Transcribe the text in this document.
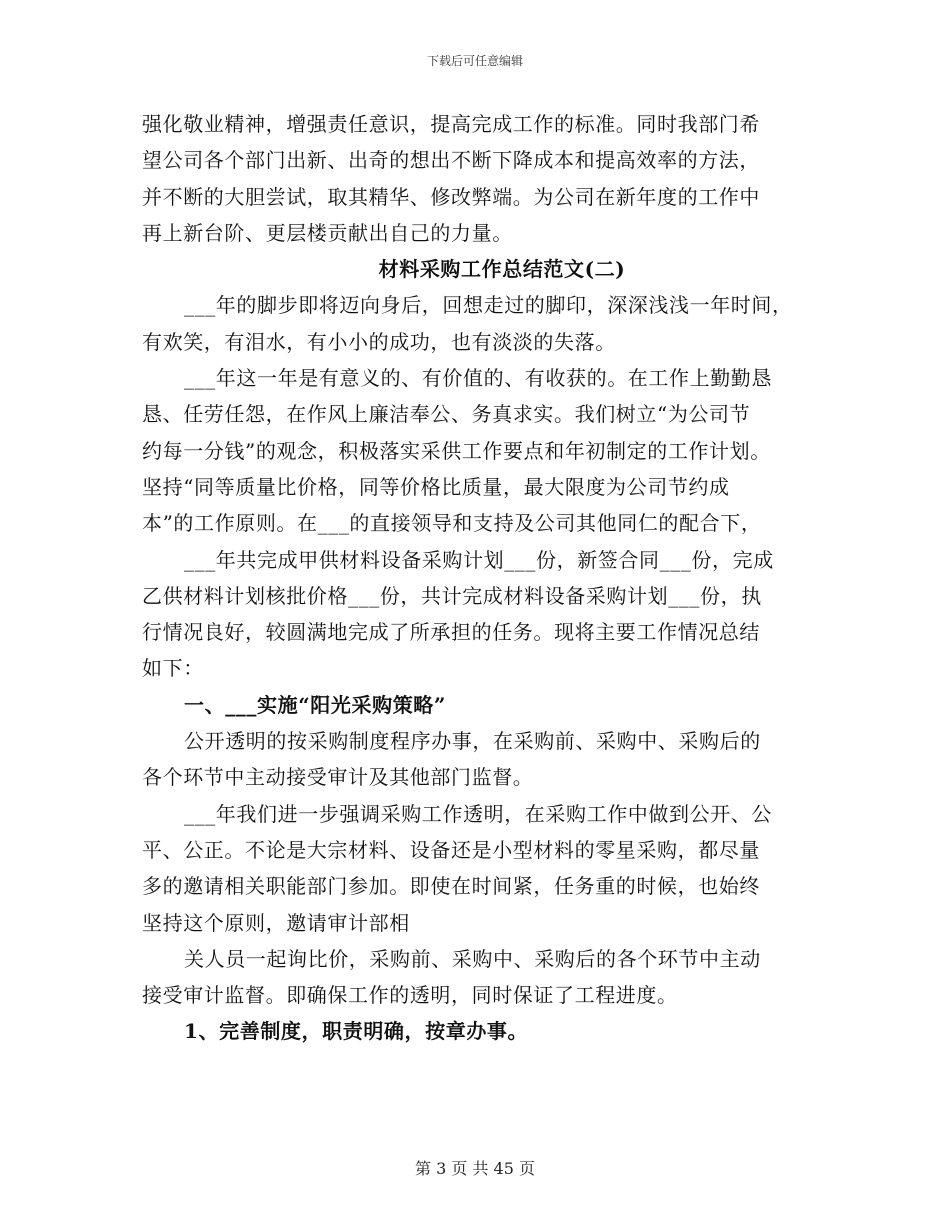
下载后可任意编辑
强化敬业精神，增强责任意识，提高完成工作的标准。同时我部门希
望公司各个部门出新、出奇的想出不断下降成本和提高效率的方法，
并不断的大胆尝试，取其精华、修改弊端。为公司在新年度的工作中
再上新台阶、更层楼贡献出自己的力量。
材料采购工作总结范文(二)
___年的脚步即将迈向身后，回想走过的脚印，深深浅浅一年时间，
有欢笑，有泪水，有小小的成功，也有淡淡的失落。
___年这一年是有意义的、有价值的、有收获的。在工作上勤勤恳
恳、任劳任怨，在作风上廉洁奉公、务真求实。我们树立“为公司节
约每一分钱”的观念，积极落实采供工作要点和年初制定的工作计划。
坚持“同等质量比价格，同等价格比质量，最大限度为公司节约成
本”的工作原则。在___的直接领导和支持及公司其他同仁的配合下，
___年共完成甲供材料设备采购计划___份，新签合同___份，完成
乙供材料计划核批价格___份，共计完成材料设备采购计划___份，执
行情况良好，较圆满地完成了所承担的任务。现将主要工作情况总结
如下：
一、___实施“阳光采购策略”
公开透明的按采购制度程序办事，在采购前、采购中、采购后的
各个环节中主动接受审计及其他部门监督。
___年我们进一步强调采购工作透明，在采购工作中做到公开、公
平、公正。不论是大宗材料、设备还是小型材料的零星采购，都尽量
多的邀请相关职能部门参加。即使在时间紧，任务重的时候，也始终
坚持这个原则，邀请审计部相
关人员一起询比价，采购前、采购中、采购后的各个环节中主动
接受审计监督。即确保工作的透明，同时保证了工程进度。
1、完善制度，职责明确，按章办事。
第 3 页 共 45 页
